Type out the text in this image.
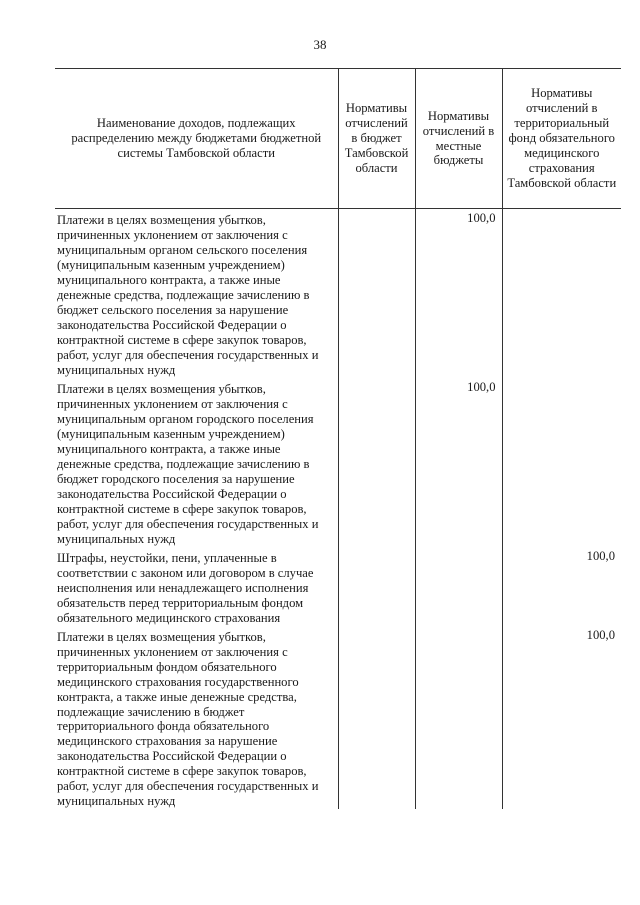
38
Наименование доходов, подлежащих распределению между бюджетами бюджетной системы Тамбовской области	Нормативы отчислений в бюджет Тамбовской области	Нормативы отчислений в местные бюджеты	Нормативы отчислений в территориальный фонд обязательного медицинского страхования Тамбовской области
Платежи в целях возмещения убытков, причиненных уклонением от заключения с муниципальным органом сельского поселения (муниципальным казенным учреждением) муниципального контракта, а также иные денежные средства, подлежащие зачислению в бюджет сельского поселения за нарушение законодательства Российской Федерации о контрактной системе в сфере закупок товаров, работ, услуг для обеспечения государственных и муниципальных нужд		100,0	
Платежи в целях возмещения убытков, причиненных уклонением от заключения с муниципальным органом городского поселения (муниципальным казенным учреждением) муниципального контракта, а также иные денежные средства, подлежащие зачислению в бюджет городского поселения за нарушение законодательства Российской Федерации о контрактной системе в сфере закупок товаров, работ, услуг для обеспечения государственных и муниципальных нужд		100,0	
Штрафы, неустойки, пени, уплаченные в соответствии с законом или договором в случае неисполнения или ненадлежащего исполнения обязательств перед территориальным фондом обязательного медицинского страхования			100,0
Платежи в целях возмещения убытков, причиненных уклонением от заключения с территориальным фондом обязательного медицинского страхования государственного контракта, а также иные денежные средства, подлежащие зачислению в бюджет территориального фонда обязательного медицинского страхования за нарушение законодательства Российской Федерации о контрактной системе в сфере закупок товаров, работ, услуг для обеспечения государственных и муниципальных нужд			100,0
